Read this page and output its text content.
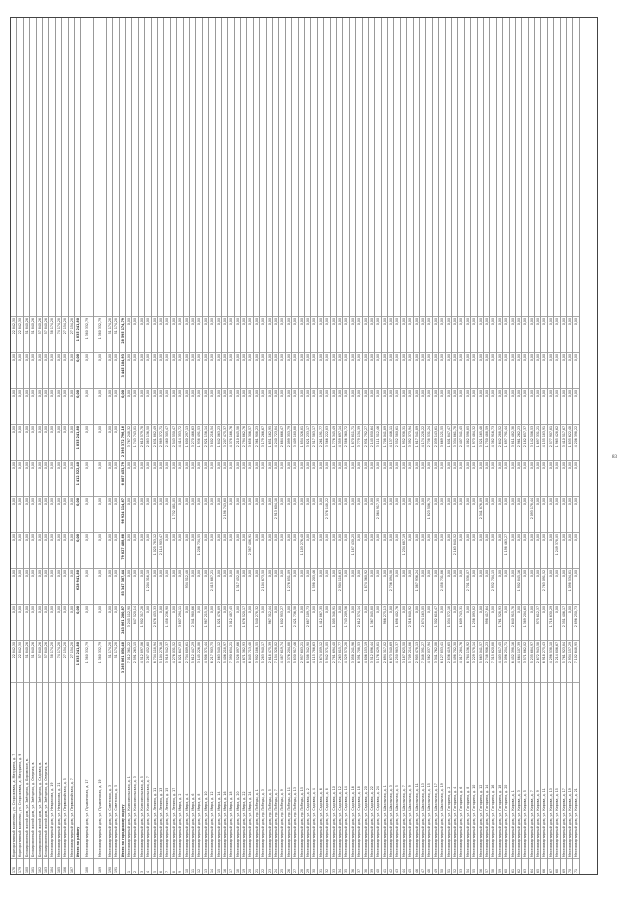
178
Корпоративный комплекс, ул. Сторожевая, д. Мазурина, д. 7
22 842,30
0,00
0,00
0,00
0,00
0,00
0,00
0,00
0,00
22 842,30
179
Корпоративный комплекс, ул. Сторожевая, д. Мазурина, д. 9
22 842,30
0,00
0,00
0,00
0,00
0,00
0,00
0,00
0,00
22 842,30
180
Блокированный жилой дом, ул. Звёздная, д. Боровское, в.
51 840,26
0,00
0,00
0,00
0,00
0,00
0,00
0,00
0,00
51 840,26
181
Блокированный жилой дом, ул. Звёздная, д. Озерная, в.
51 840,26
0,00
0,00
0,00
0,00
0,00
0,00
0,00
0,00
51 840,26
182
Блокированный жилой дом, ул. Звёздная, д. Садовая, в.
57 840,26
0,00
0,00
0,00
0,00
0,00
0,00
0,00
0,00
57 840,26
183
Блокированный жилой дом, ул. Звёздная, д. Озерная, в.
57 840,26
0,00
0,00
0,00
0,00
0,00
0,00
0,00
0,00
57 840,26
184
Многоквартирный дом, ул. Некрасова, д. 19
58 174,28
0,00
0,00
0,00
0,00
0,00
0,00
0,00
0,00
58 174,28
185
Многоквартирный дом, ул. Некрасова, д. 21
74 174,28
0,00
0,00
0,00
0,00
0,00
0,00
0,00
0,00
74 174,28
186
Многоквартирный дом, ул. Первомайская, д. 5
27 154,28
0,00
0,00
0,00
0,00
0,00
0,00
0,00
0,00
27 154,28
187
Многоквартирный дом, ул. Первомайская, д. 7
27 154,28
0,00
0,00
0,00
0,00
0,00
0,00
0,00
0,00
27 154,28
Итого по району
1 835 241,80
0,00
628 941,80
0,00
0,00
1 412 522,40
1 835 241,80
0,00
0,00
1 835 241,80
188
Многоквартирный дом, ул. Пушкинская, д. 17
1 380 332,79
0,00
0,00
0,00
0,00
0,00
0,00
0,00
0,00
1 380 332,79
189
Многоквартирный дом, ул. Пушкинская, д. 19
1 380 332,79
0,00
0,00
0,00
0,00
0,00
0,00
0,00
0,00
1 380 332,79
190
Многоквартирный дом, ул. Советская, д. 3
51 174,28
0,00
0,00
0,00
0,00
0,00
0,00
0,00
0,00
51 174,28
191
Многоквартирный дом, ул. Советская, д. 5
51 174,28
0,00
0,00
0,00
0,00
0,00
0,00
0,00
0,00
51 174,28
Итого по городскому округу
3 265 861 050,48
243 061 200,87
83 347 307,44
79 827 488,68
96 924 114,67
6 087 453,79
2 395 372 796,16
0,00
3 445 104,93
28 595 174,79
1
Многоквартирный дом, ул. Комсомольская, д. 1
7 012 361,22
3 245 112,90
0,00
0,00
0,00
0,00
3 767 248,32
0,00
0,00
0,00
2
Многоквартирный дом, ул. Комсомольская, д. 3
2 591 263,15
847 520,14
0,00
0,00
0,00
0,00
1 743 743,01
0,00
0,00
0,00
3
Многоквартирный дом, ул. Комсомольская, д. 5
4 512 897,06
1 902 317,28
0,00
0,00
0,00
0,00
2 610 579,78
0,00
0,00
0,00
4
Многоквартирный дом, ул. Комсомольская, д. 7
3 287 452,60
0,00
1 204 316,10
0,00
0,00
0,00
2 083 136,50
0,00
0,00
0,00
5
Многоквартирный дом, ул. Ленина, д. 11
6 734 118,94
2 876 453,33
0,00
1 025 783,12
0,00
0,00
2 831 882,49
0,00
0,00
0,00
6
Многоквартирный дом, ул. Ленина, д. 13
5 104 276,18
0,00
0,00
2 114 903,47
0,00
0,00
2 989 372,71
0,00
0,00
0,00
7
Многоквартирный дом, ул. Ленина, д. 15
3 918 542,37
1 458 236,90
0,00
0,00
0,00
0,00
2 460 305,47
0,00
0,00
0,00
8
Многоквартирный дом, ул. Ленина, д. 17
4 276 031,52
0,00
0,00
0,00
1 732 481,05
0,00
2 543 550,47
0,00
0,00
0,00
9
Многоквартирный дом, ул. Мира, д. 2
8 021 647,83
3 607 294,11
0,00
0,00
0,00
0,00
4 414 353,72
0,00
0,00
0,00
10
Многоквартирный дом, ул. Мира, д. 4
2 734 809,61
0,00
934 512,48
0,00
0,00
0,00
1 800 297,13
0,00
0,00
0,00
11
Многоквартирный дом, ул. Мира, д. 6
5 612 447,29
2 341 980,66
0,00
0,00
0,00
0,00
3 270 466,63
0,00
0,00
0,00
12
Многоквартирный дом, ул. Мира, д. 8
3 145 226,08
0,00
0,00
1 206 734,55
0,00
0,00
1 938 491,53
0,00
0,00
0,00
13
Многоквартирный дом, ул. Мира, д. 10
4 908 371,44
1 987 215,30
0,00
0,00
0,00
0,00
2 921 156,14
0,00
0,00
0,00
14
Многоквартирный дом, ул. Мира, д. 12
6 217 903,75
0,00
2 415 687,21
0,00
0,00
0,00
3 802 216,54
0,00
0,00
0,00
15
Многоквартирный дом, ул. Мира, д. 14
2 863 540,12
1 021 476,89
0,00
0,00
0,00
0,00
1 842 063,23
0,00
0,00
0,00
16
Многоквартирный дом, ул. Мира, д. 16
5 406 218,97
0,00
0,00
0,00
2 198 743,60
0,00
3 207 475,37
0,00
0,00
0,00
17
Многоквартирный дом, ул. Мира, д. 18
7 390 654,21
3 012 487,45
0,00
0,00
0,00
0,00
4 378 166,76
0,00
0,00
0,00
18
Многоквартирный дом, ул. Мира, д. 20
3 528 097,66
0,00
1 317 452,08
0,00
0,00
0,00
2 210 645,58
0,00
0,00
0,00
19
Многоквартирный дом, ул. Мира, д. 22
4 671 382,93
1 876 520,17
0,00
0,00
0,00
0,00
2 794 862,76
0,00
0,00
0,00
20
Многоквартирный дом, ул. Мира, д. 24
6 045 713,48
0,00
0,00
2 387 406,91
0,00
0,00
3 658 306,57
0,00
0,00
0,00
21
Многоквартирный дом, пр. Победы, д. 1
3 902 186,55
1 540 278,32
0,00
0,00
0,00
0,00
2 361 908,23
0,00
0,00
0,00
22
Многоквартирный дом, пр. Победы, д. 3
5 283 940,17
0,00
2 104 673,50
0,00
0,00
0,00
3 179 266,67
0,00
0,00
0,00
23
Многоквартирный дом, пр. Победы, д. 5
2 618 475,39
967 312,44
0,00
0,00
0,00
0,00
1 651 162,95
0,00
0,00
0,00
24
Многоквартирный дом, пр. Победы, д. 7
7 154 328,02
0,00
0,00
0,00
2 913 604,18
0,00
4 240 723,84
0,00
0,00
0,00
25
Многоквартирный дом, пр. Победы, д. 9
4 487 619,74
1 802 953,27
0,00
0,00
0,00
0,00
2 684 666,47
0,00
0,00
0,00
26
Многоквартирный дом, пр. Победы, д. 11
3 376 204,88
0,00
1 276 851,09
0,00
0,00
0,00
2 099 353,79
0,00
0,00
0,00
27
Многоквартирный дом, пр. Победы, д. 13
5 830 917,46
2 421 736,58
0,00
0,00
0,00
0,00
3 409 180,88
0,00
0,00
0,00
28
Многоквартирный дом, пр. Победы, д. 15
2 957 603,21
0,00
0,00
1 103 276,40
0,00
0,00
1 854 326,81
0,00
0,00
0,00
29
Многоквартирный дом, ул. Садовая, д. 2
6 508 342,90
2 687 109,73
0,00
0,00
0,00
0,00
3 821 233,17
0,00
0,00
0,00
30
Многоквартирный дом, ул. Садовая, д. 4
4 115 786,63
0,00
1 598 203,46
0,00
0,00
0,00
2 517 583,17
0,00
0,00
0,00
31
Многоквартирный дом, ул. Садовая, д. 6
3 674 059,12
1 412 867,35
0,00
0,00
0,00
0,00
2 261 191,77
0,00
0,00
0,00
32
Многоквартирный дом, ул. Садовая, д. 8
5 942 371,05
0,00
0,00
0,00
2 376 148,22
0,00
3 566 222,83
0,00
0,00
0,00
33
Многоквартирный дом, ул. Садовая, д. 10
2 781 694,40
1 005 348,91
0,00
0,00
0,00
0,00
1 776 345,49
0,00
0,00
0,00
34
Многоквартирный дом, ул. Садовая, д. 12
7 263 815,77
0,00
2 904 118,63
0,00
0,00
0,00
4 359 697,14
0,00
0,00
0,00
35
Многоквартирный дом, ул. Садовая, д. 14
4 329 570,28
1 743 209,56
0,00
0,00
0,00
0,00
2 586 360,72
0,00
0,00
0,00
36
Многоквартирный дом, ул. Садовая, д. 16
3 058 241,96
0,00
0,00
1 187 430,25
0,00
0,00
1 870 811,71
0,00
0,00
0,00
37
Многоквартирный дом, ул. Садовая, д. 18
6 391 708,53
2 612 574,14
0,00
0,00
0,00
0,00
3 779 134,39
0,00
0,00
0,00
38
Многоквартирный дом, ул. Садовая, д. 20
4 806 153,19
0,00
1 874 360,92
0,00
0,00
0,00
2 931 792,27
0,00
0,00
0,00
39
Многоквартирный дом, ул. Садовая, д. 22
3 512 896,44
1 367 045,80
0,00
0,00
0,00
0,00
2 145 850,64
0,00
0,00
0,00
40
Многоквартирный дом, ул. Садовая, д. 24
5 176 429,81
0,00
0,00
0,00
2 064 917,35
0,00
3 111 512,46
0,00
0,00
0,00
41
Многоквартирный дом, ул. Школьная, д. 1
2 694 317,02
986 275,13
0,00
0,00
0,00
0,00
1 708 041,89
0,00
0,00
0,00
42
Многоквартирный дом, ул. Школьная, д. 3
6 873 540,69
0,00
2 736 094,58
0,00
0,00
0,00
4 137 446,11
0,00
0,00
0,00
43
Многоквартирный дом, ул. Школьная, д. 5
4 250 983,37
1 698 402,76
0,00
0,00
0,00
0,00
2 552 580,61
0,00
0,00
0,00
44
Многоквартирный дом, ул. Школьная, д. 7
3 187 625,50
0,00
0,00
1 234 687,19
0,00
0,00
1 952 938,31
0,00
0,00
0,00
45
Многоквартирный дом, ул. Школьная, д. 9
5 709 214,86
2 316 840,92
0,00
0,00
0,00
0,00
3 392 373,94
0,00
0,00
0,00
46
Многоквартирный дом, ул. Школьная, д. 11
2 905 478,13
0,00
1 087 936,24
0,00
0,00
0,00
1 817 541,89
0,00
0,00
0,00
47
Многоквартирный дом, ул. Школьная, д. 13
7 048 391,27
2 874 163,05
0,00
0,00
0,00
0,00
4 174 228,22
0,00
0,00
0,00
48
Многоквартирный дом, ул. Школьная, д. 15
4 562 037,94
0,00
0,00
0,00
1 823 506,70
0,00
2 738 531,24
0,00
0,00
0,00
49
Многоквартирный дом, ул. Школьная, д. 17
3 341 762,08
1 302 618,47
0,00
0,00
0,00
0,00
2 039 143,61
0,00
0,00
0,00
50
Многоквартирный дом, ул. Школьная, д. 19
6 127 853,41
0,00
2 458 731,86
0,00
0,00
0,00
3 669 121,55
0,00
0,00
0,00
51
Многоквартирный дом, ул. Гагарина, д. 2
2 836 419,65
1 034 572,18
0,00
0,00
0,00
0,00
1 801 847,47
0,00
0,00
0,00
52
Многоквартирный дом, ул. Гагарина, д. 4
5 498 702,30
0,00
0,00
2 163 840,52
0,00
0,00
3 334 861,78
0,00
0,00
0,00
53
Многоквартирный дом, ул. Гагарина, д. 6
4 017 284,76
1 609 743,31
0,00
0,00
0,00
0,00
2 407 541,45
0,00
0,00
0,00
54
Многоквартирный дом, ул. Гагарина, д. 8
6 784 136,92
0,00
2 701 538,07
0,00
0,00
0,00
4 082 598,85
0,00
0,00
0,00
55
Многоквартирный дом, ул. Гагарина, д. 10
3 229 578,14
1 256 093,82
0,00
0,00
0,00
0,00
1 973 484,32
0,00
0,00
0,00
56
Многоквартирный дом, ул. Гагарина, д. 12
5 863 041,57
0,00
0,00
0,00
2 341 876,09
0,00
3 521 165,48
0,00
0,00
0,00
57
Многоквартирный дом, ул. Гагарина, д. 14
2 748 906,23
998 417,64
0,00
0,00
0,00
0,00
1 750 488,59
0,00
0,00
0,00
58
Многоквартирный дом, ул. Гагарина, д. 16
7 315 620,88
0,00
2 932 704,15
0,00
0,00
0,00
4 382 916,73
0,00
0,00
0,00
59
Многоквартирный дом, ул. Гагарина, д. 18
4 403 817,45
1 761 528,93
0,00
0,00
0,00
0,00
2 642 288,52
0,00
0,00
0,00
60
Многоквартирный дом, ул. Гагарина, д. 20
3 096 254,71
0,00
0,00
1 198 463,27
0,00
0,00
1 897 791,44
0,00
0,00
0,00
61
Многоквартирный дом, ул. Кирова, д. 1
6 452 398,16
2 640 915,78
0,00
0,00
0,00
0,00
3 811 482,38
0,00
0,00
0,00
62
Многоквартирный дом, ул. Кирова, д. 3
4 864 107,39
0,00
1 902 845,16
0,00
0,00
0,00
2 961 262,23
0,00
0,00
0,00
63
Многоквартирный дом, ул. Кирова, д. 5
3 571 862,02
1 389 204,65
0,00
0,00
0,00
0,00
2 182 657,37
0,00
0,00
0,00
64
Многоквартирный дом, ул. Кирова, д. 7
5 235 684,97
0,00
0,00
0,00
2 093 178,44
0,00
3 142 506,53
0,00
0,00
0,00
65
Многоквартирный дом, ул. Кирова, д. 9
2 672 943,58
975 612,37
0,00
0,00
0,00
0,00
1 697 331,21
0,00
0,00
0,00
66
Многоквартирный дом, ул. Кирова, д. 11
6 918 275,43
0,00
2 763 091,52
0,00
0,00
0,00
4 155 183,91
0,00
0,00
0,00
67
Многоквартирный дом, ул. Кирова, д. 13
4 296 538,10
1 718 630,29
0,00
0,00
0,00
0,00
2 577 907,81
0,00
0,00
0,00
68
Многоквартирный дом, ул. Кирова, д. 15
3 214 806,67
0,00
0,00
1 249 378,05
0,00
0,00
1 965 428,62
0,00
0,00
0,00
69
Многоквартирный дом, ул. Кирова, д. 17
5 761 923,84
2 351 406,17
0,00
0,00
0,00
0,00
3 410 517,67
0,00
0,00
0,00
70
Многоквартирный дом, ул. Кирова, д. 19
2 934 157,29
0,00
1 098 534,81
0,00
0,00
0,00
1 835 622,48
0,00
0,00
0,00
71
Многоквартирный дом, ул. Кирова, д. 21
7 102 648,95
2 896 250,73
0,00
0,00
0,00
0,00
4 206 398,22
0,00
0,00
0,00
83
